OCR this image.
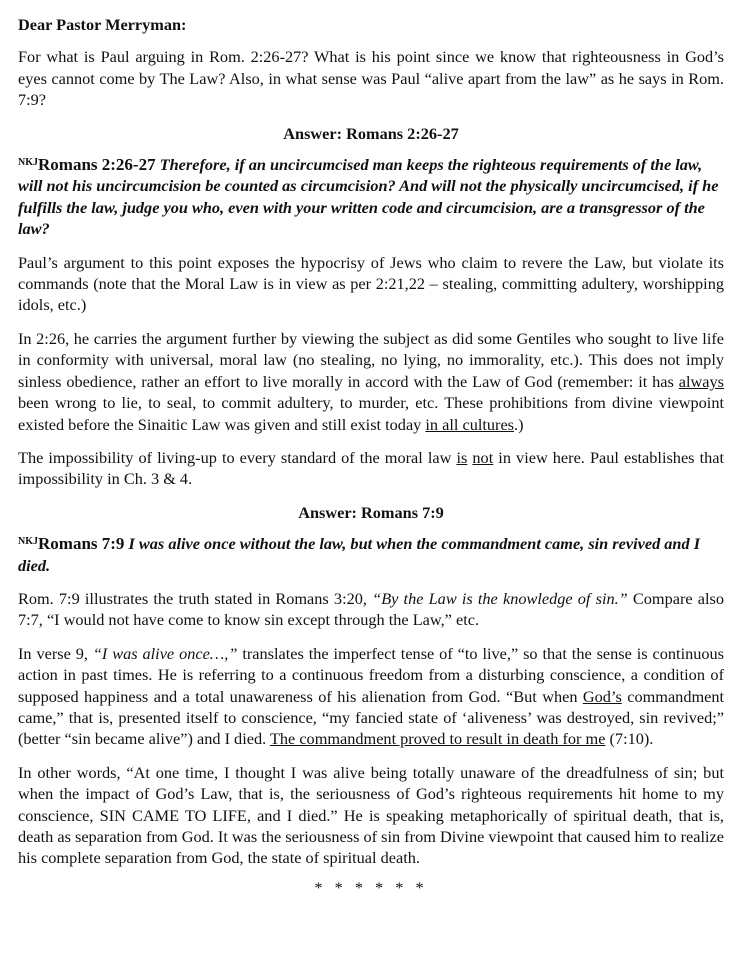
Dear Pastor Merryman:

For what is Paul arguing in Rom. 2:26-27? What is his point since we know that righteousness in God’s eyes cannot come by The Law? Also, in what sense was Paul “alive apart from the law” as he says in Rom. 7:9?

Answer: Romans 2:26-27

$^{NKJ}$Romans 2:26-27 Therefore, if an uncircumcised man keeps the righteous requirements of the law, will not his uncircumcision be counted as circumcision? And will not the physically uncircumcised, if he fulfills the law, judge you who, even with your written code and circumcision, are a transgressor of the law?

Paul’s argument to this point exposes the hypocrisy of Jews who claim to revere the Law, but violate its commands (note that the Moral Law is in view as per 2:21,22 – stealing, committing adultery, worshipping idols, etc.)

In 2:26, he carries the argument further by viewing the subject as did some Gentiles who sought to live life in conformity with universal, moral law (no stealing, no lying, no immorality, etc.). This does not imply sinless obedience, rather an effort to live morally in accord with the Law of God (remember: it has always been wrong to lie, to seal, to commit adultery, to murder, etc. These prohibitions from divine viewpoint existed before the Sinaitic Law was given and still exist today in all cultures.)

The impossibility of living-up to every standard of the moral law is not in view here. Paul establishes that impossibility in Ch. 3 & 4.

Answer: Romans 7:9

$^{NKJ}$Romans 7:9 I was alive once without the law, but when the commandment came, sin revived and I died.

Rom. 7:9 illustrates the truth stated in Romans 3:20, “By the Law is the knowledge of sin.” Compare also 7:7, “I would not have come to know sin except through the Law,” etc.

In verse 9, “I was alive once…,” translates the imperfect tense of “to live,” so that the sense is continuous action in past times. He is referring to a continuous freedom from a disturbing conscience, a condition of supposed happiness and a total unawareness of his alienation from God. “But when God’s commandment came,” that is, presented itself to conscience, “my fancied state of ‘aliveness’ was destroyed, sin revived;” (better “sin became alive”) and I died. The commandment proved to result in death for me (7:10).

In other words, “At one time, I thought I was alive being totally unaware of the dreadfulness of sin; but when the impact of God’s Law, that is, the seriousness of God’s righteous requirements hit home to my conscience, SIN CAME TO LIFE, and I died.” He is speaking metaphorically of spiritual death, that is, death as separation from God. It was the seriousness of sin from Divine viewpoint that caused him to realize his complete separation from God, the state of spiritual death.

* * * * * *
